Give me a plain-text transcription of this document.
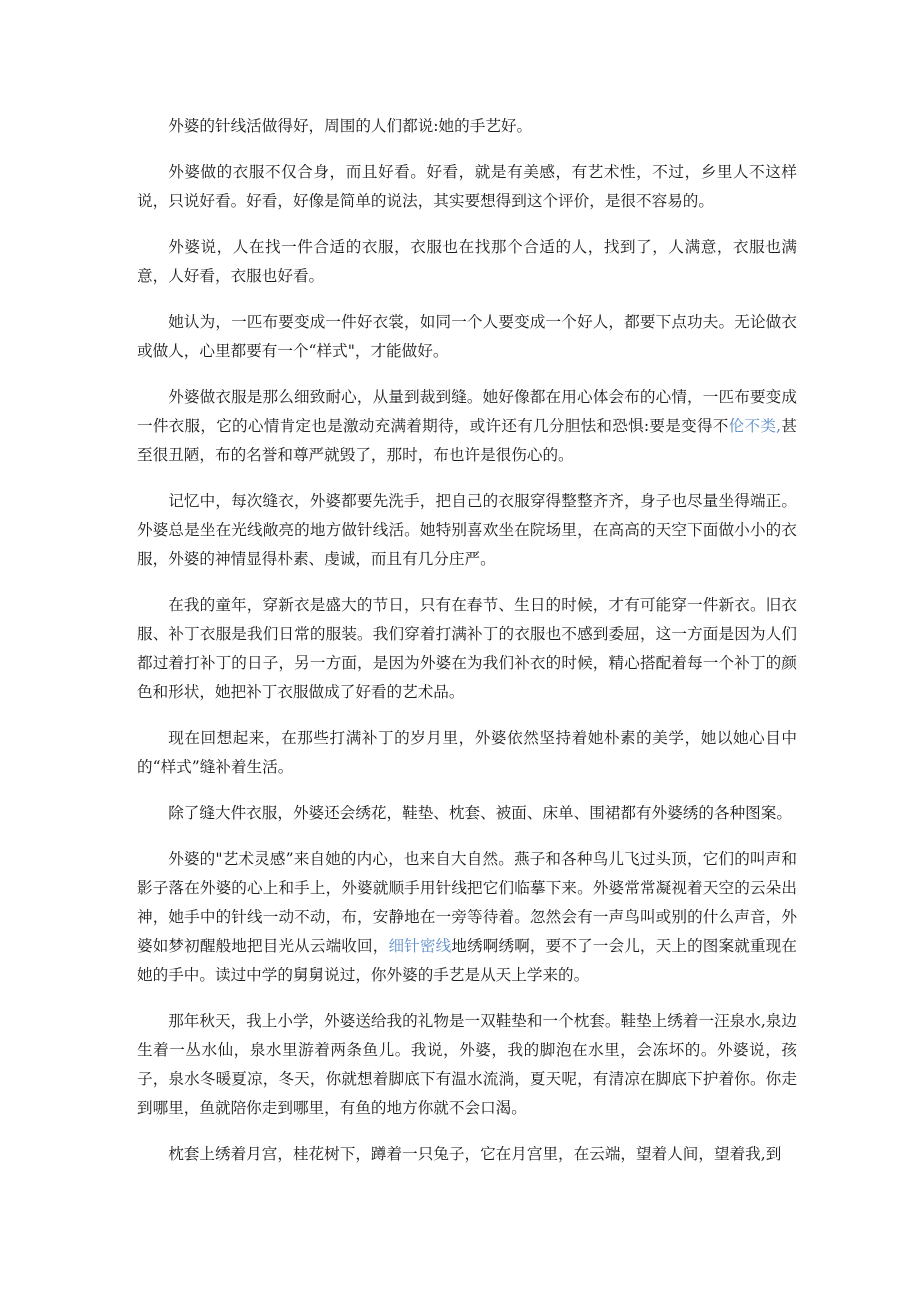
外婆的针线活做得好，周围的人们都说:她的手艺好。

外婆做的衣服不仅合身，而且好看。好看，就是有美感，有艺术性，不过，乡里人不这样说，只说好看。好看，好像是简单的说法，其实要想得到这个评价，是很不容易的。

外婆说，人在找一件合适的衣服，衣服也在找那个合适的人，找到了，人满意，衣服也满意，人好看，衣服也好看。

她认为，一匹布要变成一件好衣裳，如同一个人要变成一个好人，都要下点功夫。无论做衣或做人，心里都要有一个“样式"，才能做好。

外婆做衣服是那么细致耐心，从量到裁到缝。她好像都在用心体会布的心情，一匹布要变成一件衣服，它的心情肯定也是激动充满着期待，或许还有几分胆怯和恐惧:要是变得不伦不类,甚至很丑陋，布的名誉和尊严就毁了，那时，布也许是很伤心的。

记忆中，每次缝衣，外婆都要先洗手，把自己的衣服穿得整整齐齐，身子也尽量坐得端正。外婆总是坐在光线敞亮的地方做针线活。她特别喜欢坐在院场里，在高高的天空下面做小小的衣服，外婆的神情显得朴素、虔诚，而且有几分庄严。

在我的童年，穿新衣是盛大的节日，只有在春节、生日的时候，才有可能穿一件新衣。旧衣服、补丁衣服是我们日常的服装。我们穿着打满补丁的衣服也不感到委屈，这一方面是因为人们都过着打补丁的日子，另一方面，是因为外婆在为我们补衣的时候，精心搭配着每一个补丁的颜色和形状，她把补丁衣服做成了好看的艺术品。

现在回想起来，在那些打满补丁的岁月里，外婆依然坚持着她朴素的美学，她以她心目中的“样式”缝补着生活。

除了缝大件衣服，外婆还会绣花，鞋垫、枕套、被面、床单、围裙都有外婆绣的各种图案。

外婆的"艺术灵感”来自她的内心，也来自大自然。燕子和各种鸟儿飞过头顶，它们的叫声和影子落在外婆的心上和手上，外婆就顺手用针线把它们临摹下来。外婆常常凝视着天空的云朵出神，她手中的针线一动不动，布，安静地在一旁等待着。忽然会有一声鸟叫或别的什么声音，外婆如梦初醒般地把目光从云端收回，细针密线地绣啊绣啊，要不了一会儿，天上的图案就重现在她的手中。读过中学的舅舅说过，你外婆的手艺是从天上学来的。

那年秋天，我上小学，外婆送给我的礼物是一双鞋垫和一个枕套。鞋垫上绣着一汪泉水,泉边生着一丛水仙，泉水里游着两条鱼儿。我说，外婆，我的脚泡在水里，会冻坏的。外婆说，孩子，泉水冬暖夏凉，冬天，你就想着脚底下有温水流淌，夏天呢，有清凉在脚底下护着你。你走到哪里，鱼就陪你走到哪里，有鱼的地方你就不会口渴。

枕套上绣着月宫，桂花树下，蹲着一只兔子，它在月宫里，在云端，望着人间，望着我,到
